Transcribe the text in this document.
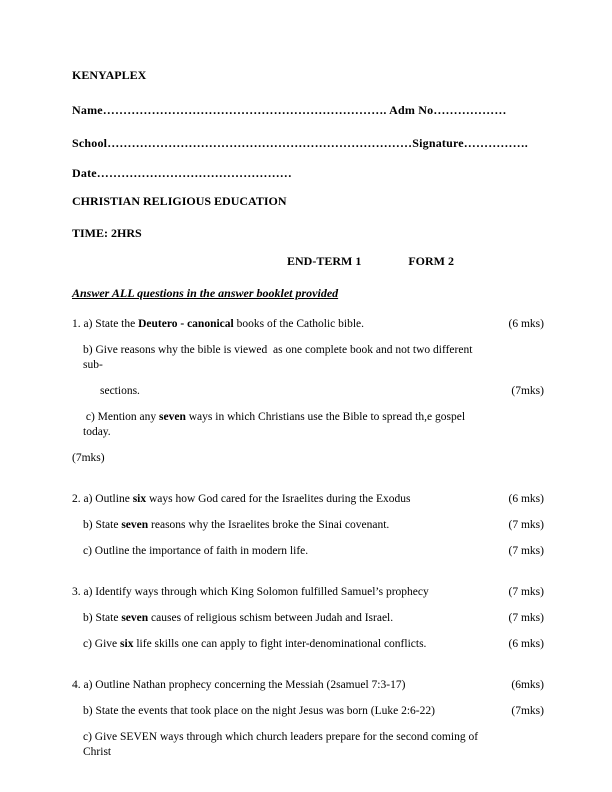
KENYAPLEX
Name……………………………………………………………. Adm No………………
School…………………………………………………………………Signature…………….
Date…………………………………………
CHRISTIAN RELIGIOUS EDUCATION
TIME: 2HRS
END-TERM 1	FORM 2
Answer ALL questions in the answer booklet provided
1. a) State the Deutero - canonical books of the Catholic bible.	(6 mks)
b) Give reasons why the bible is viewed  as one complete book and not two different sub-
sections.	(7mks)
c) Mention any seven ways in which Christians use the Bible to spread th,e gospel today.
(7mks)
2. a) Outline six ways how God cared for the Israelites during the Exodus	(6 mks)
b) State seven reasons why the Israelites broke the Sinai covenant.	(7 mks)
c) Outline the importance of faith in modern life.	(7 mks)
3. a) Identify ways through which King Solomon fulfilled Samuel’s prophecy	(7 mks)
b) State seven causes of religious schism between Judah and Israel.	(7 mks)
c) Give six life skills one can apply to fight inter-denominational conflicts.	(6 mks)
4. a) Outline Nathan prophecy concerning the Messiah (2samuel 7:3-17)	(6mks)
b) State the events that took place on the night Jesus was born (Luke 2:6-22)	(7mks)
c) Give SEVEN ways through which church leaders prepare for the second coming of Christ
